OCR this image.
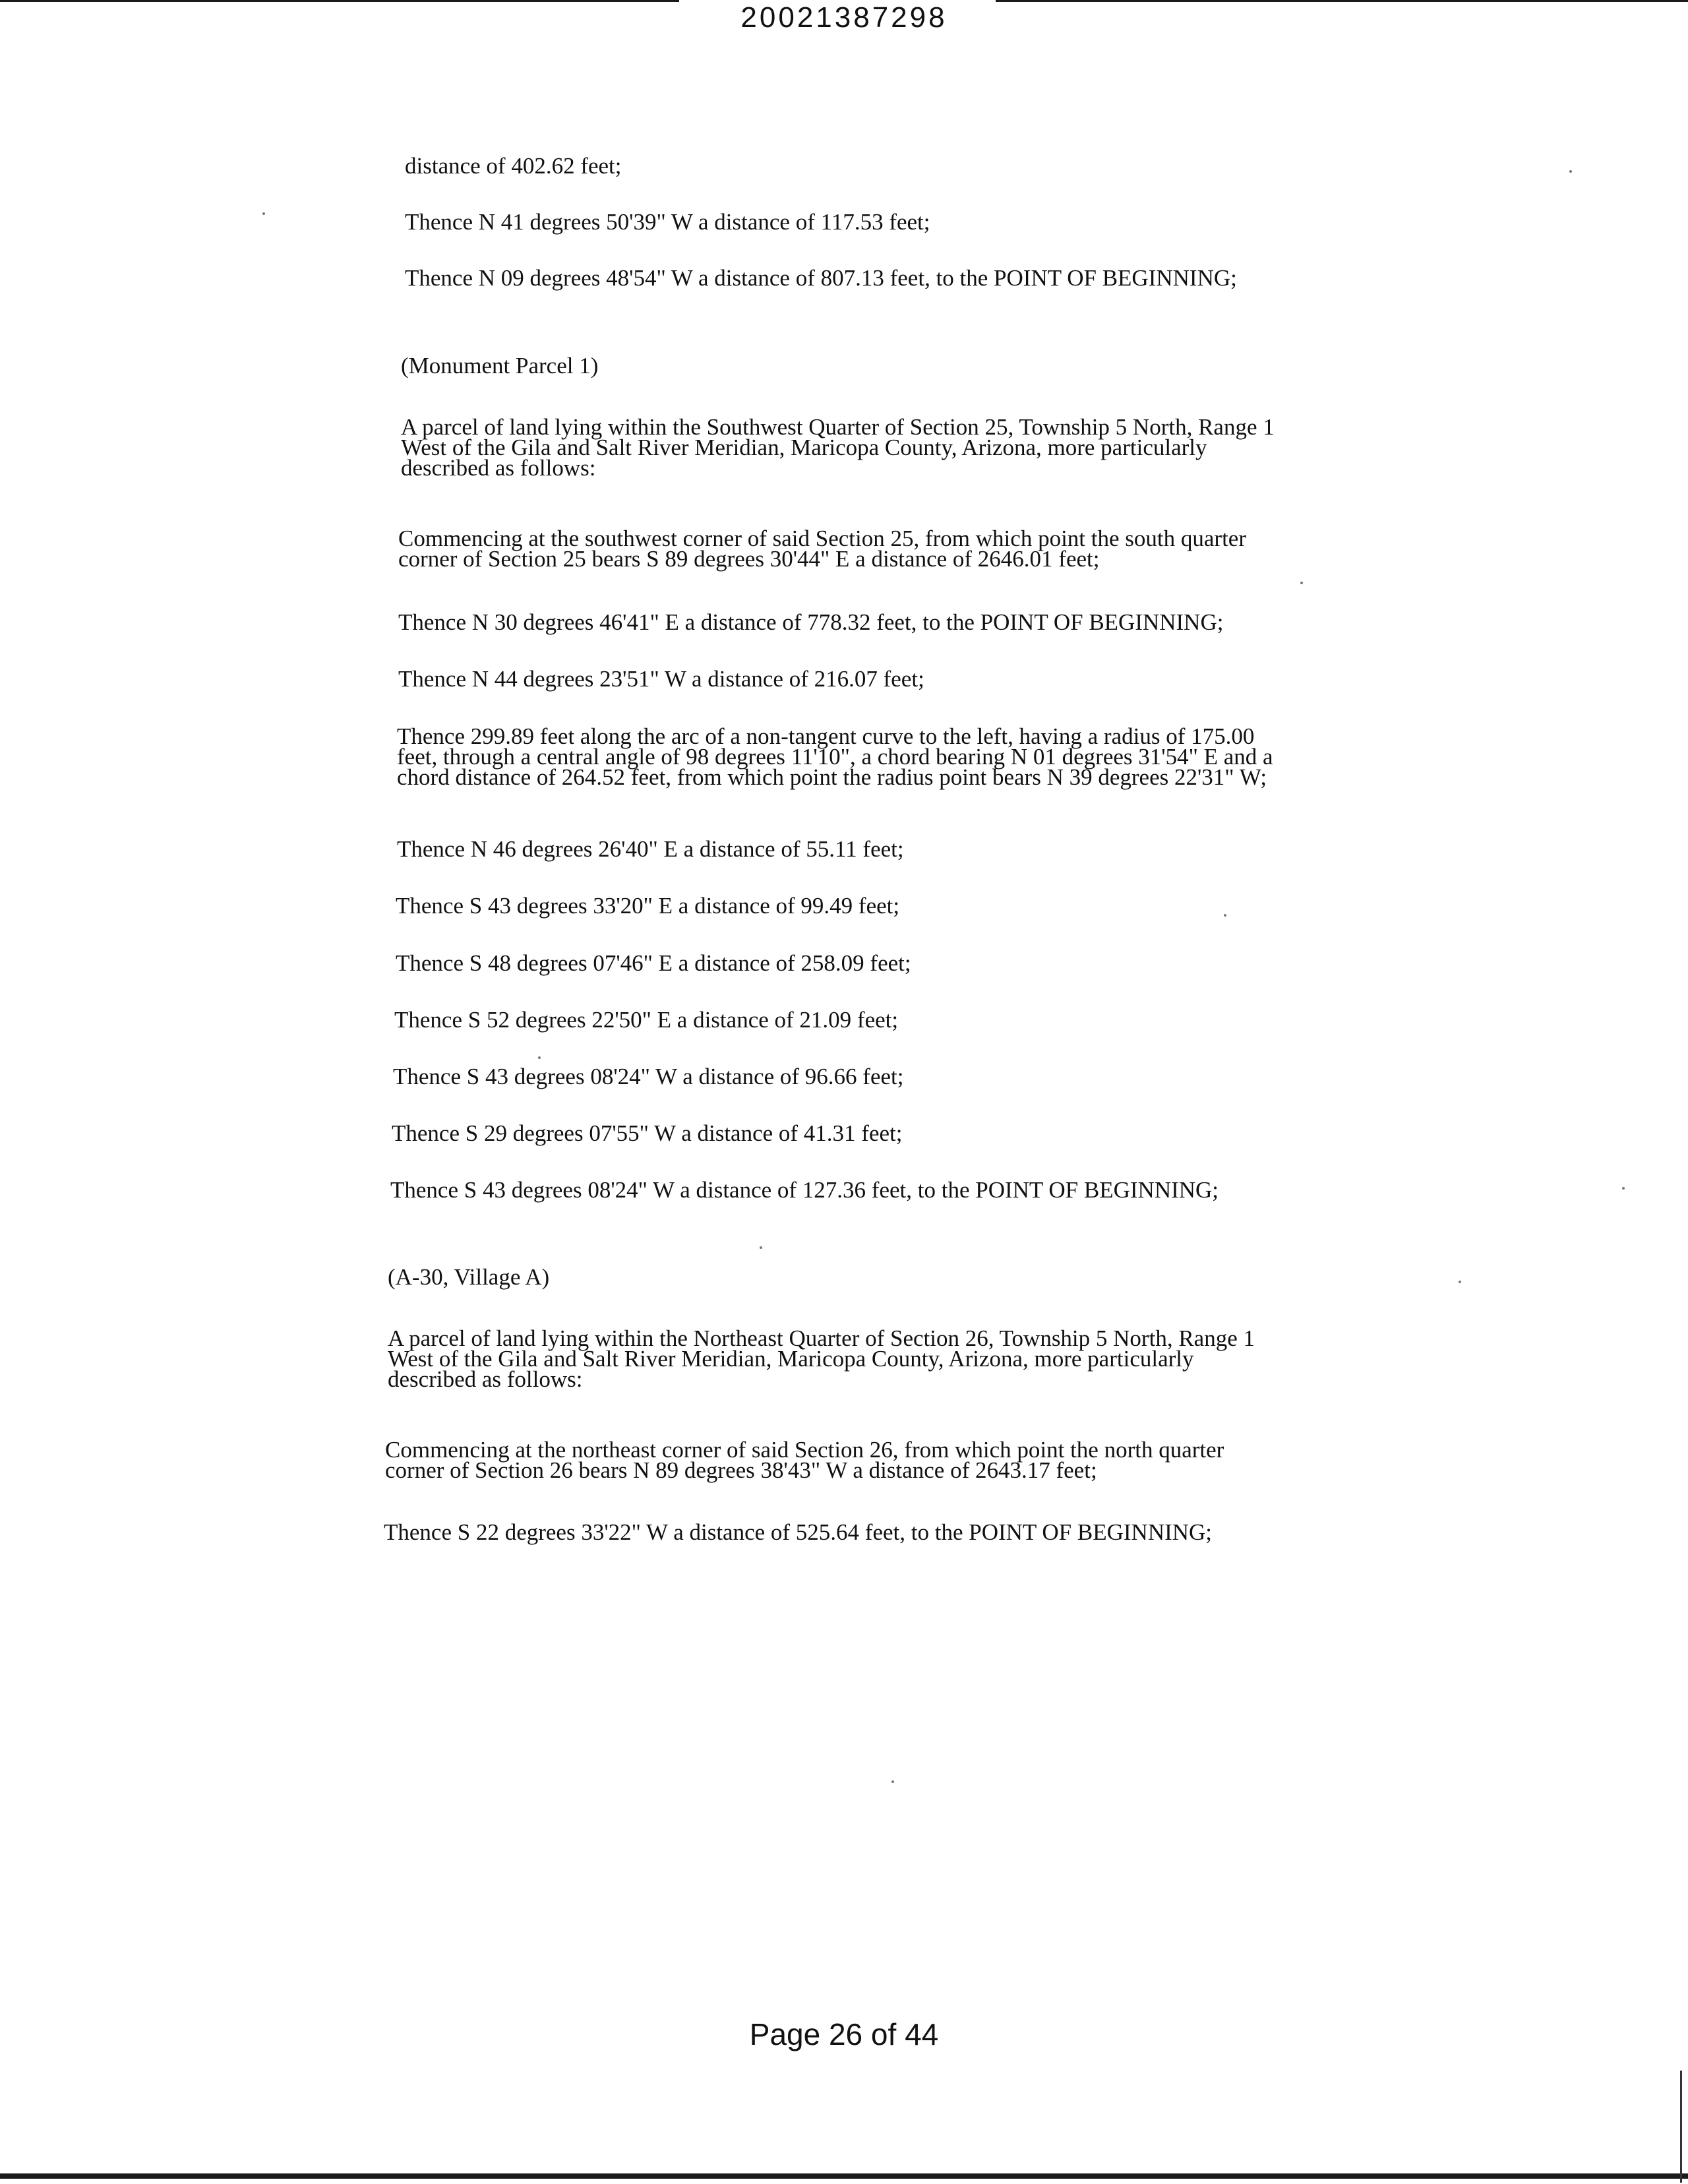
20021387298
distance of 402.62 feet;
Thence N 41 degrees 50'39" W a distance of 117.53 feet;
Thence N 09 degrees 48'54" W a distance of 807.13 feet, to the POINT OF BEGINNING;
(Monument Parcel 1)
A parcel of land lying within the Southwest Quarter of Section 25, Township 5 North, Range 1
West of the Gila and Salt River Meridian, Maricopa County, Arizona, more particularly
described as follows:
Commencing at the southwest corner of said Section 25, from which point the south quarter
corner of Section 25 bears S 89 degrees 30'44" E a distance of 2646.01 feet;
Thence N 30 degrees 46'41" E a distance of 778.32 feet, to the POINT OF BEGINNING;
Thence N 44 degrees 23'51" W a distance of 216.07 feet;
Thence 299.89 feet along the arc of a non-tangent curve to the left, having a radius of 175.00
feet, through a central angle of 98 degrees 11'10", a chord bearing N 01 degrees 31'54" E and a
chord distance of 264.52 feet, from which point the radius point bears N 39 degrees 22'31" W;
Thence N 46 degrees 26'40" E a distance of 55.11 feet;
Thence S 43 degrees 33'20" E a distance of 99.49 feet;
Thence S 48 degrees 07'46" E a distance of 258.09 feet;
Thence S 52 degrees 22'50" E a distance of 21.09 feet;
Thence S 43 degrees 08'24" W a distance of 96.66 feet;
Thence S 29 degrees 07'55" W a distance of 41.31 feet;
Thence S 43 degrees 08'24" W a distance of 127.36 feet, to the POINT OF BEGINNING;
(A-30, Village A)
A parcel of land lying within the Northeast Quarter of Section 26, Township 5 North, Range 1
West of the Gila and Salt River Meridian, Maricopa County, Arizona, more particularly
described as follows:
Commencing at the northeast corner of said Section 26, from which point the north quarter
corner of Section 26 bears N 89 degrees 38'43" W a distance of 2643.17 feet;
Thence S 22 degrees 33'22" W a distance of 525.64 feet, to the POINT OF BEGINNING;
Page 26 of 44
